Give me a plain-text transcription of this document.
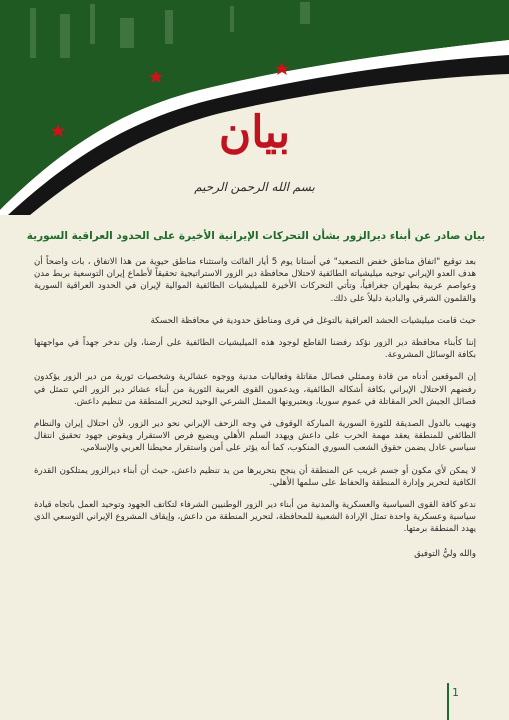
بيان
بسم الله الرحمن الرحيم
بيان صادر عن أبناء ديرالزور بشأن التحركات الإيرانية الأخيرة على الحدود العراقية السورية

بعد توقيع "اتفاق مناطق خفض التصعيد" في أستانا يوم 5 أيار الفائت واستثناء مناطق حيوية من هذا الاتفاق ، بات واضحاً أن هدف العدو الإيراني توجيه ميليشياته الطائفية لاحتلال محافظة دير الزور الاستراتيجية تحقيقاً لأطماع إيران التوسعية بربط مدن وعواصم عربية بطهران جغرافياً، وتأتي التحركات الأخيرة للميليشيات الطائفية الموالية لإيران في الحدود العراقية السورية والقلمون الشرقي والبادية دليلاً على ذلك.

حيث قامت ميليشيات الحشد العراقية بالتوغل في قرى ومناطق حدودية في محافظة الحسكة

إننا كأبناء محافظة دير الزور نؤكد رفضنا القاطع لوجود هذه الميليشيات الطائفية على أرضنا، ولن ندخر جهداً في مواجهتها بكافة الوسائل المشروعة.

إن الموقعين أدناه من قادة وممثلي فصائل مقاتلة وفعاليات مدنية ووجوه عشائرية وشخصيات ثورية من دير الزور يؤكدون رفضهم الاحتلال الإيراني بكافة أشكاله الطائفية، ويدعمون القوى العربية الثورية من أبناء عشائر دير الزور التي تتمثل في فصائل الجيش الحر المقاتلة في عموم سوريا، ويعتبرونها الممثل الشرعي الوحيد لتحرير المنطقة من تنظيم داعش.

ونهيب بالدول الصديقة للثورة السورية المباركة الوقوف في وجه الزحف الإيراني نحو دير الزور، لأن احتلال إيران والنظام الطائفي للمنطقة يعقد مهمة الحرب على داعش ويهدد السلم الأهلي ويضيع فرص الاستقرار ويقوض جهود تحقيق انتقال سياسي عادل يضمن حقوق الشعب السوري المنكوب، كما أنه يؤثر على أمن واستقرار محيطنا العربي والإسلامي.

لا يمكن لأي مكون أو جسم غريب عن المنطقة أن ينجح بتحريرها من يد تنظيم داعش، حيث أن أبناء ديرالزور يمتلكون القدرة الكافية لتحرير وإدارة المنطقة والحفاظ على سلمها الأهلي.

ندعو كافة القوى السياسية والعسكرية والمدنية من أبناء دير الزور الوطنيين الشرفاء لتكاتف الجهود وتوحيد العمل باتجاه قيادة سياسية وعسكرية واحدة تمثل الإرادة الشعبية للمحافظة، لتحرير المنطقة من داعش، وإيقاف المشروع الإيراني التوسعي الذي يهدد المنطقة برمتها.

والله وليُّ التوفيق

1
